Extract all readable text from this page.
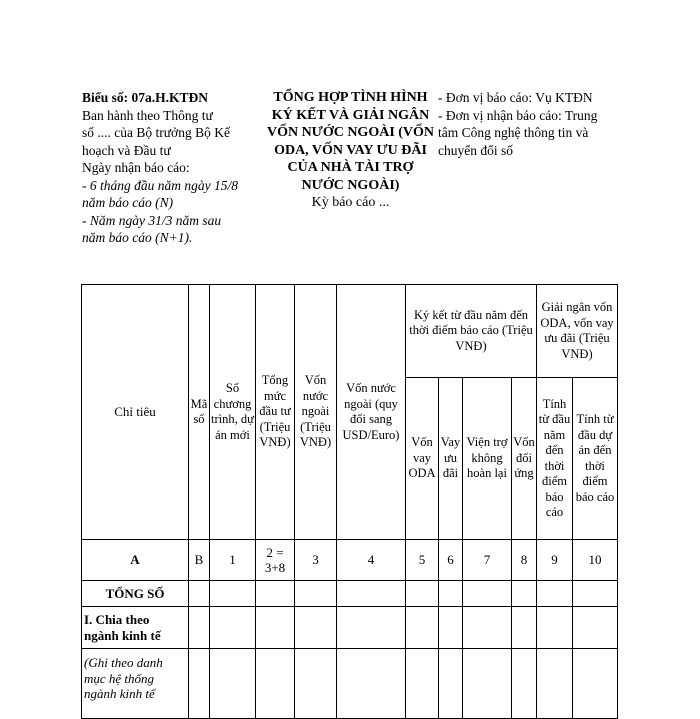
Biểu số: 07a.H.KTĐN
Ban hành theo Thông tư
số .... của Bộ trưởng Bộ Kế
hoạch và Đầu tư
Ngày nhận báo cáo:
- 6 tháng đầu năm ngày 15/8
năm báo cáo (N)
- Năm ngày 31/3 năm sau
năm báo cáo (N+1).
TỔNG HỢP TÌNH HÌNH
KÝ KẾT VÀ GIẢI NGÂN
VỐN NƯỚC NGOÀI (VỐN
ODA, VỐN VAY ƯU ĐÃI
CỦA NHÀ TÀI TRỢ
NƯỚC NGOÀI)
Kỳ báo cáo ...
- Đơn vị báo cáo: Vụ KTĐN
- Đơn vị nhận báo cáo: Trung
tâm Công nghệ thông tin và
chuyển đổi số
Chỉ tiêu	Mã số	Số chương trình, dự án mới	Tổng mức đầu tư (Triệu VNĐ)	Vốn nước ngoài (Triệu VNĐ)	Vốn nước ngoài (quy đổi sang USD/Euro)	Ký kết từ đầu năm đến thời điểm báo cáo (Triệu VNĐ)				Giải ngân vốn ODA, vốn vay ưu đãi (Triệu VNĐ)	
						Vốn vay ODA	Vay ưu đãi	Viện trợ không hoàn lại	Vốn đối ứng	Tính từ đầu năm đến thời điểm báo cáo	Tính từ đầu dự án đến thời điểm báo cáo
A	B	1	2 = 3+8	3	4	5	6	7	8	9	10
TỔNG SỐ											
I. Chia theo ngành kinh tế											
(Ghi theo danh mục hệ thống ngành kinh tế											
